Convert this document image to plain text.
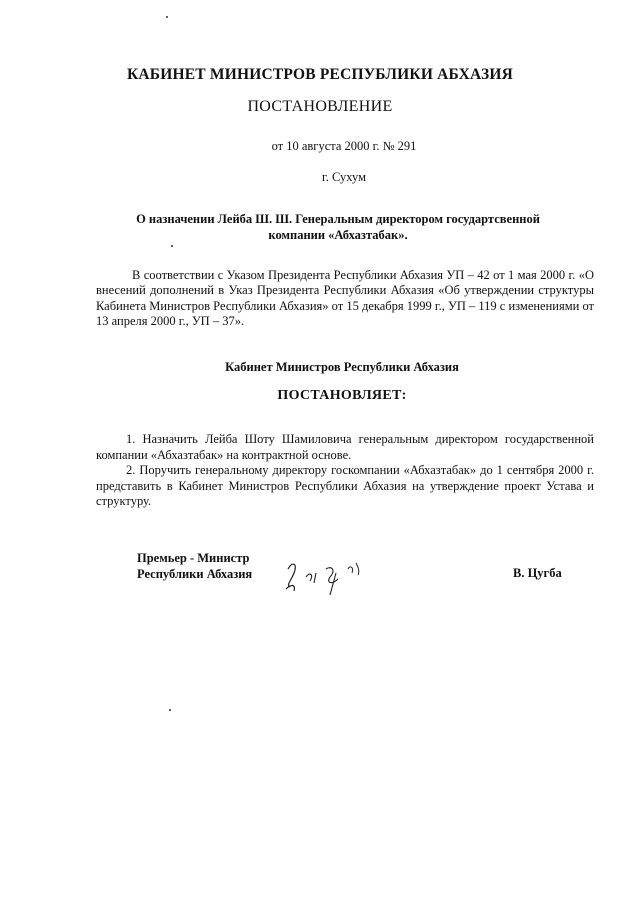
КАБИНЕТ МИНИСТРОВ РЕСПУБЛИКИ АБХАЗИЯ
ПОСТАНОВЛЕНИЕ
от 10 августа 2000 г. № 291
г. Сухум
О назначении Лейба Ш. Ш. Генеральным директором государтсвенной
компании «Абхазтабак».
В соответствии с Указом Президента Республики Абхазия УП – 42 от 1 мая 2000 г. «О внесений дополнений в Указ Президента Республики Абхазия «Об утверждении структуры Кабинета Министров Республики Абхазия» от 15 декабря 1999 г., УП – 119 с изменениями от 13 апреля 2000 г., УП – 37».
Кабинет Министров Республики Абхазия
ПОСТАНОВЛЯЕТ:

1. Назначить Лейба Шоту Шамиловича генеральным директором государственной компании «Абхазтабак» на контрактной основе.

2. Поручить генеральному директору госкомпании «Абхазтабак» до 1 сентября 2000 г. представить в Кабинет Министров Республики Абхазия на утверждение проект Устава и структуру.

Премьер - Министр
Республики Абхазия	В. Цугба
